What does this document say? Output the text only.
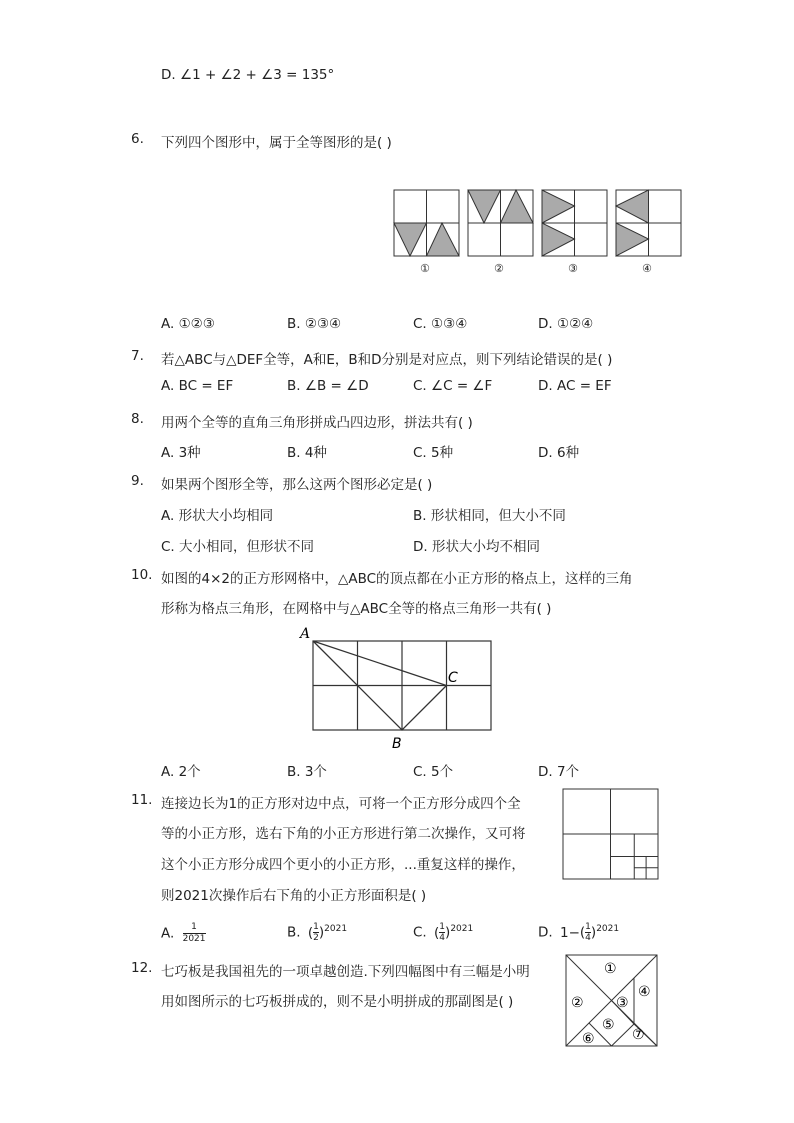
D. ∠1 + ∠2 + ∠3 = 135°
6. 下列四个图形中，属于全等图形的是( )
①	②	③	④
A. ①②③	B. ②③④	C. ①③④	D. ①②④
7. 若△ABC与△DEF全等，A和E，B和D分别是对应点，则下列结论错误的是( )
A. BC = EF	B. ∠B = ∠D	C. ∠C = ∠F	D. AC = EF
8. 用两个全等的直角三角形拼成凸四边形，拼法共有( )
A. 3种	B. 4种	C. 5种	D. 6种
9. 如果两个图形全等，那么这两个图形必定是( )
A. 形状大小均相同	B. 形状相同，但大小不同
C. 大小相同，但形状不同	D. 形状大小均不相同
10. 如图的4×2的正方形网格中，△ABC的顶点都在小正方形的格点上，这样的三角
形称为格点三角形，在网格中与△ABC全等的格点三角形一共有( )
A
C
B
A. 2个	B. 3个	C. 5个	D. 7个
11. 连接边长为1的正方形对边中点，可将一个正方形分成四个全
等的小正方形，选右下角的小正方形进行第二次操作，又可将
这个小正方形分成四个更小的小正方形，...重复这样的操作，
则2021次操作后右下角的小正方形面积是( )
A. $\frac{1}{2021}$	B. ( $\frac{1}{2} )^{2021}$	C. ( $\frac{1}{4} )^{2021}$	D. $1-( \frac{1}{4} )^{2021}$
12. 七巧板是我国祖先的一项卓越创造.下列四幅图中有三幅是小明
用如图所示的七巧板拼成的，则不是小明拼成的那副图是( )
①
② ③
④
⑤
⑥	⑦
